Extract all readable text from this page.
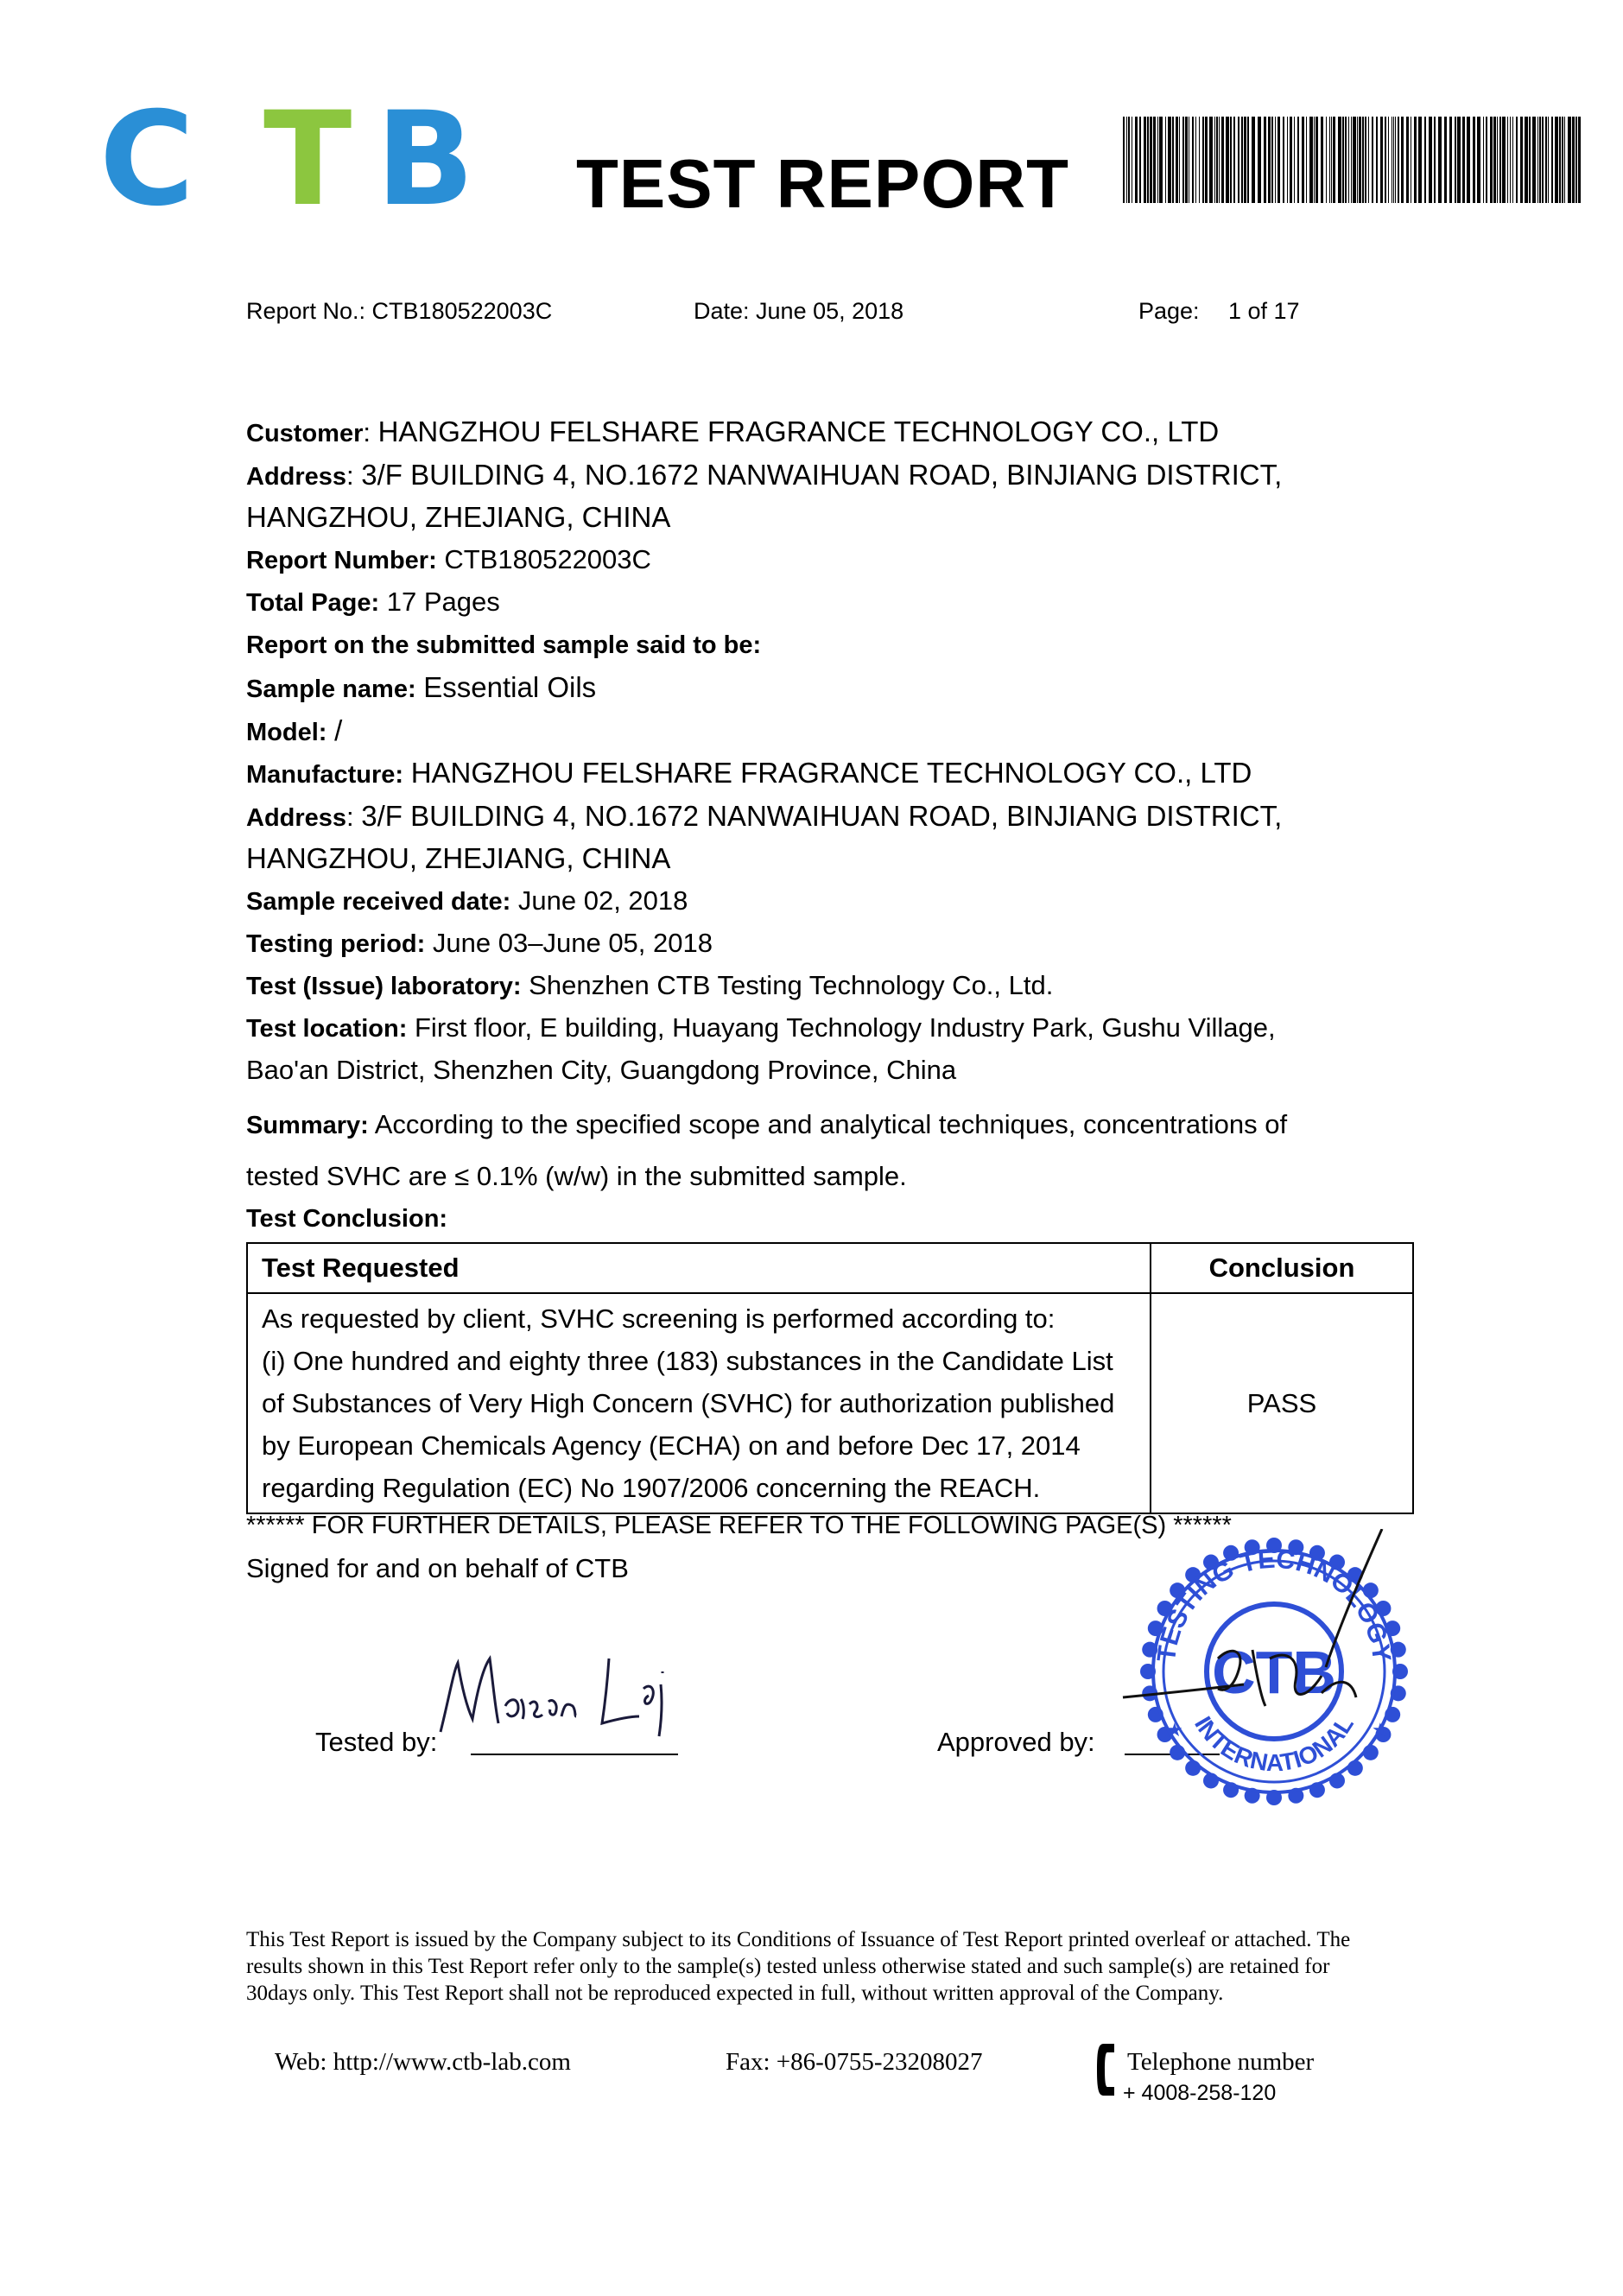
C T B TEST REPORT
Report No.: CTB180522003C	Date: June 05, 2018	Page: 1 of 17
Customer: HANGZHOU FELSHARE FRAGRANCE TECHNOLOGY CO., LTD
Address: 3/F BUILDING 4, NO.1672 NANWAIHUAN ROAD, BINJIANG DISTRICT,
HANGZHOU, ZHEJIANG, CHINA
Report Number: CTB180522003C
Total Page: 17 Pages
Report on the submitted sample said to be:
Sample name: Essential Oils
Model: /
Manufacture: HANGZHOU FELSHARE FRAGRANCE TECHNOLOGY CO., LTD
Address: 3/F BUILDING 4, NO.1672 NANWAIHUAN ROAD, BINJIANG DISTRICT,
HANGZHOU, ZHEJIANG, CHINA
Sample received date: June 02, 2018
Testing period: June 03–June 05, 2018
Test (Issue) laboratory: Shenzhen CTB Testing Technology Co., Ltd.
Test location: First floor, E building, Huayang Technology Industry Park, Gushu Village,
Bao'an District, Shenzhen City, Guangdong Province, China
Summary: According to the specified scope and analytical techniques, concentrations of
tested SVHC are ≤ 0.1% (w/w) in the submitted sample.
Test Conclusion:
Test Requested	Conclusion

As requested by client, SVHC screening is performed according to:
(i) One hundred and eighty three (183) substances in the Candidate List
of Substances of Very High Concern (SVHC) for authorization published
by European Chemicals Agency (ECHA) on and before Dec 17, 2014
regarding Regulation (EC) No 1907/2006 concerning the REACH.	PASS
****** FOR FURTHER DETAILS, PLEASE REFER TO THE FOLLOWING PAGE(S) ******
Signed for and on behalf of CTB
Tested by:	Approved by:
TESTING TECHNOLOGY
INTERNATIONAL
CTB
★	★
This Test Report is issued by the Company subject to its Conditions of Issuance of Test Report printed overleaf or attached. The results shown in this Test Report refer only to the sample(s) tested unless otherwise stated and such sample(s) are retained for 30days only. This Test Report shall not be reproduced expected in full, without written approval of the Company.
Web: http://www.ctb-lab.com	Fax: +86-0755-23208027	Telephone number
+ 4008-258-120
